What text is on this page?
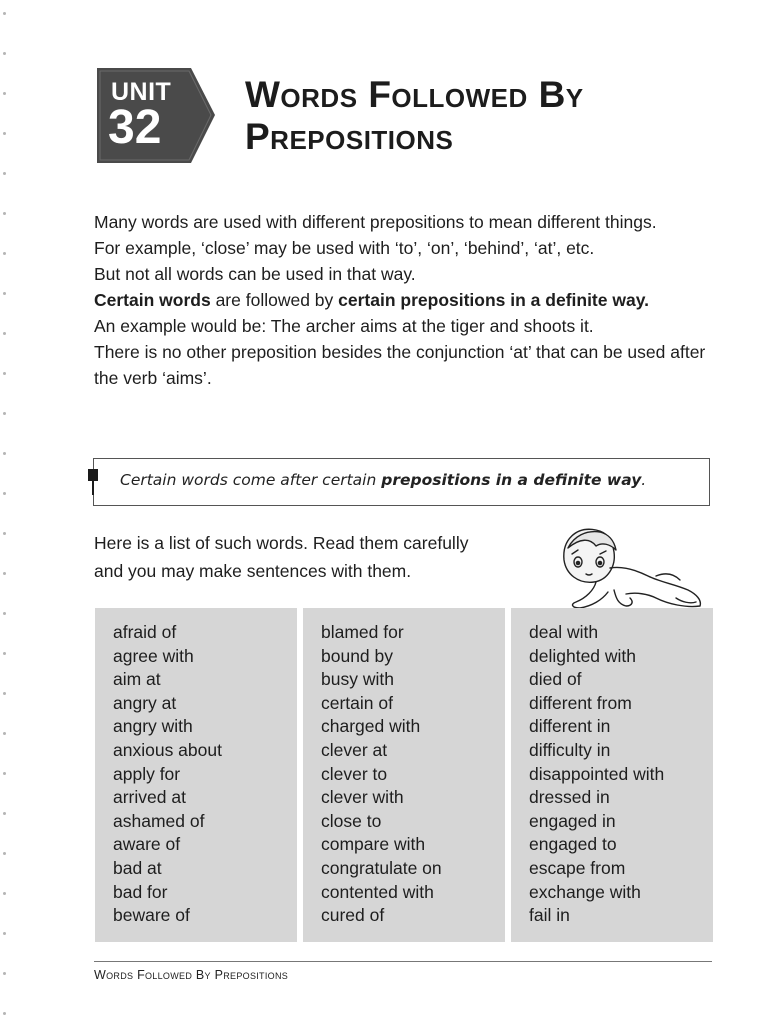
UNIT
32
Words Followed By
Prepositions

Many words are used with different prepositions to mean different things.

For example, ‘close’ may be used with ‘to’, ‘on’, ‘behind’, ‘at’, etc.

But not all words can be used in that way.

Certain words are followed by certain prepositions in a definite way.

An example would be: The archer aims at the tiger and shoots it.

There is no other preposition besides the conjunction ‘at’ that can be used after the verb ‘aims’.

Certain words come after certain prepositions in a definite way.

Here is a list of such words. Read them carefully

and you may make sentences with them.

afraid of
agree with
aim at
angry at
angry with
anxious about
apply for
arrived at
ashamed of
aware of
bad at
bad for
beware of
blamed for
bound by
busy with
certain of
charged with
clever at
clever to
clever with
close to
compare with
congratulate on
contented with
cured of
deal with
delighted with
died of
different from
different in
difficulty in
disappointed with
dressed in
engaged in
engaged to
escape from
exchange with
fail in
Words Followed By Prepositions
